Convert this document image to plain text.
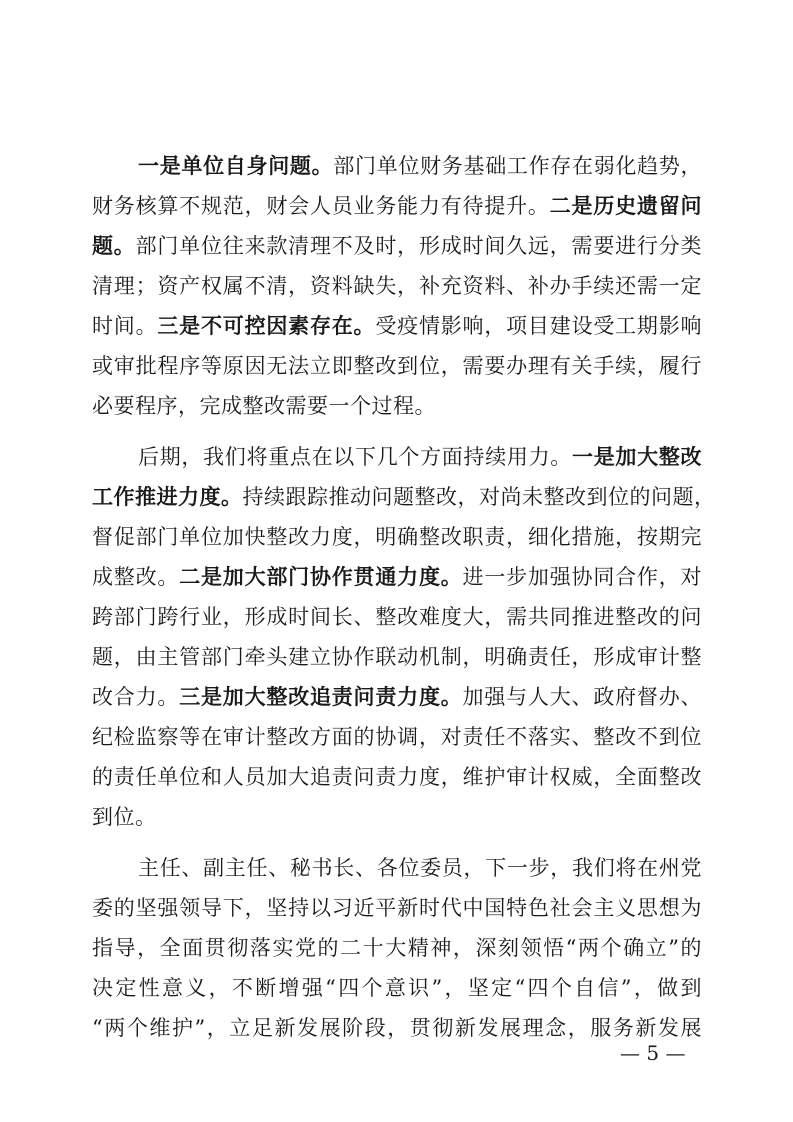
一是单位自身问题。部门单位财务基础工作存在弱化趋势，
财务核算不规范，财会人员业务能力有待提升。二是历史遗留问
题。部门单位往来款清理不及时，形成时间久远，需要进行分类
清理；资产权属不清，资料缺失，补充资料、补办手续还需一定
时间。三是不可控因素存在。受疫情影响，项目建设受工期影响
或审批程序等原因无法立即整改到位，需要办理有关手续，履行
必要程序，完成整改需要一个过程。
后期，我们将重点在以下几个方面持续用力。一是加大整改
工作推进力度。持续跟踪推动问题整改，对尚未整改到位的问题，
督促部门单位加快整改力度，明确整改职责，细化措施，按期完
成整改。二是加大部门协作贯通力度。进一步加强协同合作，对
跨部门跨行业，形成时间长、整改难度大，需共同推进整改的问
题，由主管部门牵头建立协作联动机制，明确责任，形成审计整
改合力。三是加大整改追责问责力度。加强与人大、政府督办、
纪检监察等在审计整改方面的协调，对责任不落实、整改不到位
的责任单位和人员加大追责问责力度，维护审计权威，全面整改
到位。
主任、副主任、秘书长、各位委员，下一步，我们将在州党
委的坚强领导下，坚持以习近平新时代中国特色社会主义思想为
指导，全面贯彻落实党的二十大精神，深刻领悟“两个确立”的
决定性意义，不断增强“四个意识”，坚定“四个自信”，做到
“两个维护”，立足新发展阶段，贯彻新发展理念，服务新发展
— 5 —
